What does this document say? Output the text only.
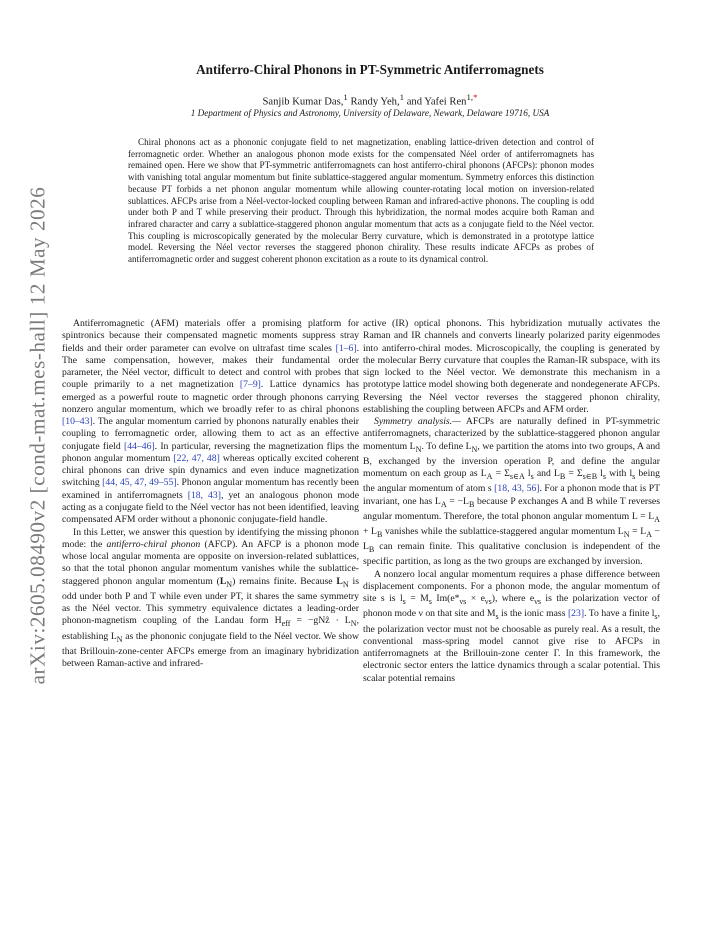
arXiv:2605.08490v2 [cond-mat.mes-hall] 12 May 2026
Antiferro-Chiral Phonons in PT-Symmetric Antiferromagnets
Sanjib Kumar Das,$^1$ Randy Yeh,$^1$ and Yafei Ren$^{1,*}$
1 Department of Physics and Astronomy, University of Delaware, Newark, Delaware 19716, USA
Chiral phonons act as a phononic conjugate field to net magnetization, enabling lattice-driven detection and control of ferromagnetic order. Whether an analogous phonon mode exists for the compensated Néel order of antiferromagnets has remained open. Here we show that PT-symmetric antiferromagnets can host antiferro-chiral phonons (AFCPs): phonon modes with vanishing total angular momentum but finite sublattice-staggered angular momentum. Symmetry enforces this distinction because PT forbids a net phonon angular momentum while allowing counter-rotating local motion on inversion-related sublattices. AFCPs arise from a Néel-vector-locked coupling between Raman and infrared-active phonons. The coupling is odd under both P and T while preserving their product. Through this hybridization, the normal modes acquire both Raman and infrared character and carry a sublattice-staggered phonon angular momentum that acts as a conjugate field to the Néel vector. This coupling is microscopically generated by the molecular Berry curvature, which is demonstrated in a prototype lattice model. Reversing the Néel vector reverses the staggered phonon chirality. These results indicate AFCPs as probes of antiferromagnetic order and suggest coherent phonon excitation as a route to its dynamical control.

Antiferromagnetic (AFM) materials offer a promising platform for spintronics because their compensated magnetic moments suppress stray fields and their order parameter can evolve on ultrafast time scales [1–6]. The same compensation, however, makes their fundamental order parameter, the Néel vector, difficult to detect and control with probes that couple primarily to a net magnetization [7–9]. Lattice dynamics has emerged as a powerful route to magnetic order through phonons carrying nonzero angular momentum, which we broadly refer to as chiral phonons [10–43]. The angular momentum carried by phonons naturally enables their coupling to ferromagnetic order, allowing them to act as an effective conjugate field [44–46]. In particular, reversing the magnetization flips the phonon angular momentum [22, 47, 48] whereas optically excited coherent chiral phonons can drive spin dynamics and even induce magnetization switching [44, 45, 47, 49–55]. Phonon angular momentum has recently been examined in antiferromagnets [18, 43], yet an analogous phonon mode acting as a conjugate field to the Néel vector has not been identified, leaving compensated AFM order without a phononic conjugate-field handle.

In this Letter, we answer this question by identifying the missing phonon mode: the antiferro-chiral phonon (AFCP). An AFCP is a phonon mode whose local angular momenta are opposite on inversion-related sublattices, so that the total phonon angular momentum vanishes while the sublattice-staggered phonon angular momentum $(L_N)$ remains finite. Because $L_N$ is odd under both P and T while even under PT, it shares the same symmetry as the Néel vector. This symmetry equivalence dictates a leading-order phonon-magnetism coupling of the Landau form $H_{eff}$ = −gNẑ · $L_N$, establishing $L_N$ as the phononic conjugate field to the Néel vector. We show that Brillouin-zone-center AFCPs emerge from an imaginary hybridization between Raman-active and infrared-

active (IR) optical phonons. This hybridization mutually activates the Raman and IR channels and converts linearly polarized parity eigenmodes into antiferro-chiral modes. Microscopically, the coupling is generated by the molecular Berry curvature that couples the Raman-IR subspace, with its sign locked to the Néel vector. We demonstrate this mechanism in a prototype lattice model showing both degenerate and nondegenerate AFCPs. Reversing the Néel vector reverses the staggered phonon chirality, establishing the coupling between AFCPs and AFM order.

Symmetry analysis.— AFCPs are naturally defined in PT-symmetric antiferromagnets, characterized by the sublattice-staggered phonon angular momentum $L_N$. To define $L_N$, we partition the atoms into two groups, A and B, exchanged by the inversion operation P, and define the angular momentum on each group as $L_A = \Sigma_{s\in A}$ $l_s$ and $L_B = \Sigma_{s\in B}$ $l_s$ with $l_s$ being the angular momentum of atom s [18, 43, 56]. For a phonon mode that is PT invariant, one has $L_A = -L_B$ because P exchanges A and B while T reverses angular momentum. Therefore, the total phonon angular momentum $L = L_A + L_B$ vanishes while the sublattice-staggered angular momentum $L_N = L_A - L_B$ can remain finite. This qualitative conclusion is independent of the specific partition, as long as the two groups are exchanged by inversion.

A nonzero local angular momentum requires a phase difference between displacement components. For a phonon mode, the angular momentum of site s is $l_s = M_s$ $Im(e*_{\nu s} \times e_{\nu s})$, where $e_{\nu s}$ is the polarization vector of phonon mode ν on that site and $M_s$ is the ionic mass [23]. To have a finite $l_s$, the polarization vector must not be choosable as purely real. As a result, the conventional mass-spring model cannot give rise to AFCPs in antiferromagnets at the Brillouin-zone center Γ. In this framework, the electronic sector enters the lattice dynamics through a scalar potential. This scalar potential remains
